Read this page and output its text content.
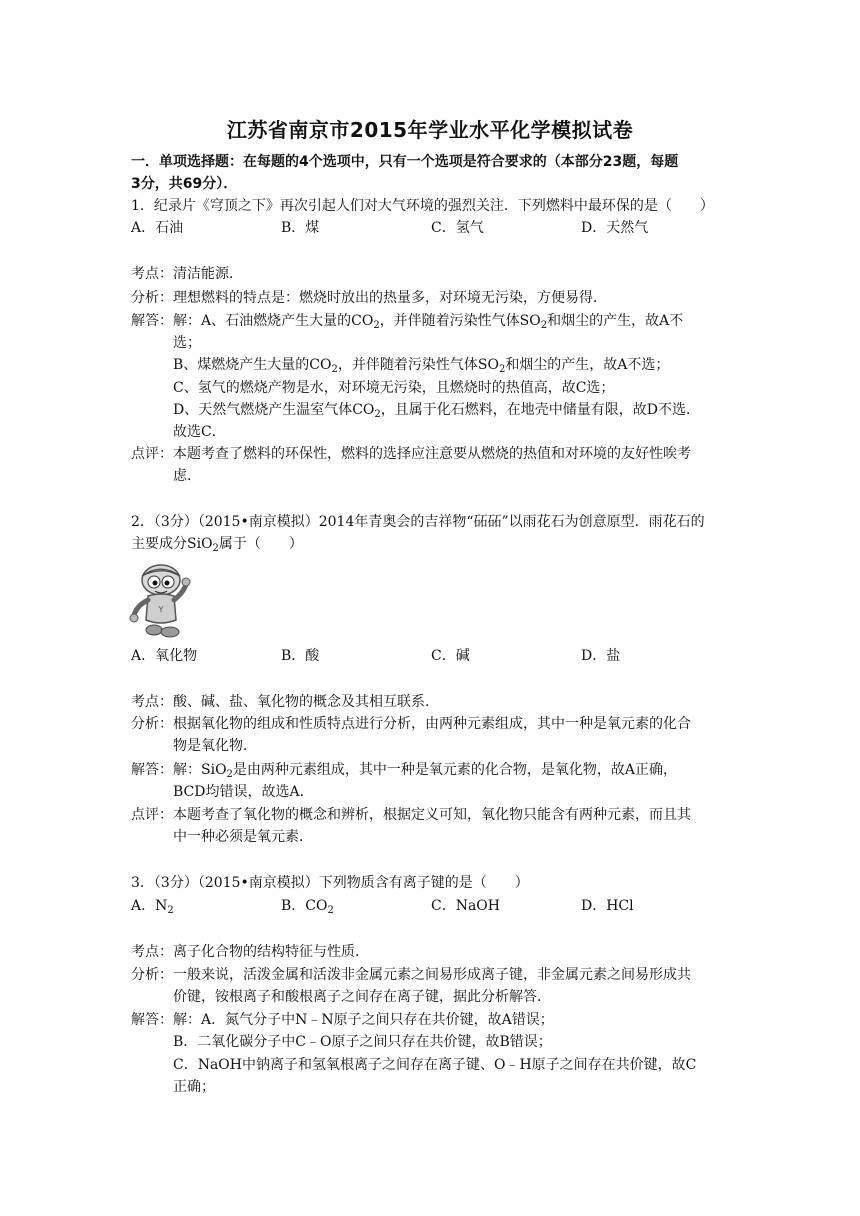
江苏省南京市2015年学业水平化学模拟试卷
一．单项选择题：在每题的4个选项中，只有一个选项是符合要求的（本部分23题，每题
3分，共69分）．
1．纪录片《穹顶之下》再次引起人们对大气环境的强烈关注．下列燃料中最环保的是（　　）
A．石油	B．煤	C．氢气	D．天然气
考点：清洁能源．
分析：理想燃料的特点是：燃烧时放出的热量多，对环境无污染，方便易得．
解答：解：A、石油燃烧产生大量的$CO_2$，并伴随着污染性气体$SO_2$和烟尘的产生，故A不
选；
B、煤燃烧产生大量的$CO_2$，并伴随着污染性气体$SO_2$和烟尘的产生，故A不选；
C、氢气的燃烧产物是水，对环境无污染，且燃烧时的热值高，故C选；
D、天然气燃烧产生温室气体$CO_2$，且属于化石燃料，在地壳中储量有限，故D不选．
故选C．
点评：本题考查了燃料的环保性，燃料的选择应注意要从燃烧的热值和对环境的友好性唉考
虑．
2．（3分）（2015•南京模拟）2014年青奥会的吉祥物“砳砳”以雨花石为创意原型．雨花石的
主要成分SiO$_2$属于（　　）
Y
A．氧化物	B．酸	C．碱	D．盐
考点：酸、碱、盐、氧化物的概念及其相互联系．
分析：根据氧化物的组成和性质特点进行分析，由两种元素组成，其中一种是氧元素的化合
物是氧化物．
解答：解：SiO$_2$是由两种元素组成，其中一种是氧元素的化合物，是氧化物，故A正确，
BCD均错误，故选A．
点评：本题考查了氧化物的概念和辨析，根据定义可知，氧化物只能含有两种元素，而且其
中一种必须是氧元素．
3．（3分）（2015•南京模拟）下列物质含有离子键的是（　　）
A．$N_2$	B．$CO_2$	C．NaOH	D．HCl
考点：离子化合物的结构特征与性质．
分析：一般来说，活泼金属和活泼非金属元素之间易形成离子键，非金属元素之间易形成共
价键，铵根离子和酸根离子之间存在离子键，据此分析解答．
解答：解：A．氮气分子中N﹣N原子之间只存在共价键，故A错误；
B．二氧化碳分子中C﹣O原子之间只存在共价键，故B错误；
C．NaOH中钠离子和氢氧根离子之间存在离子键、O﹣H原子之间存在共价键，故C
正确；
